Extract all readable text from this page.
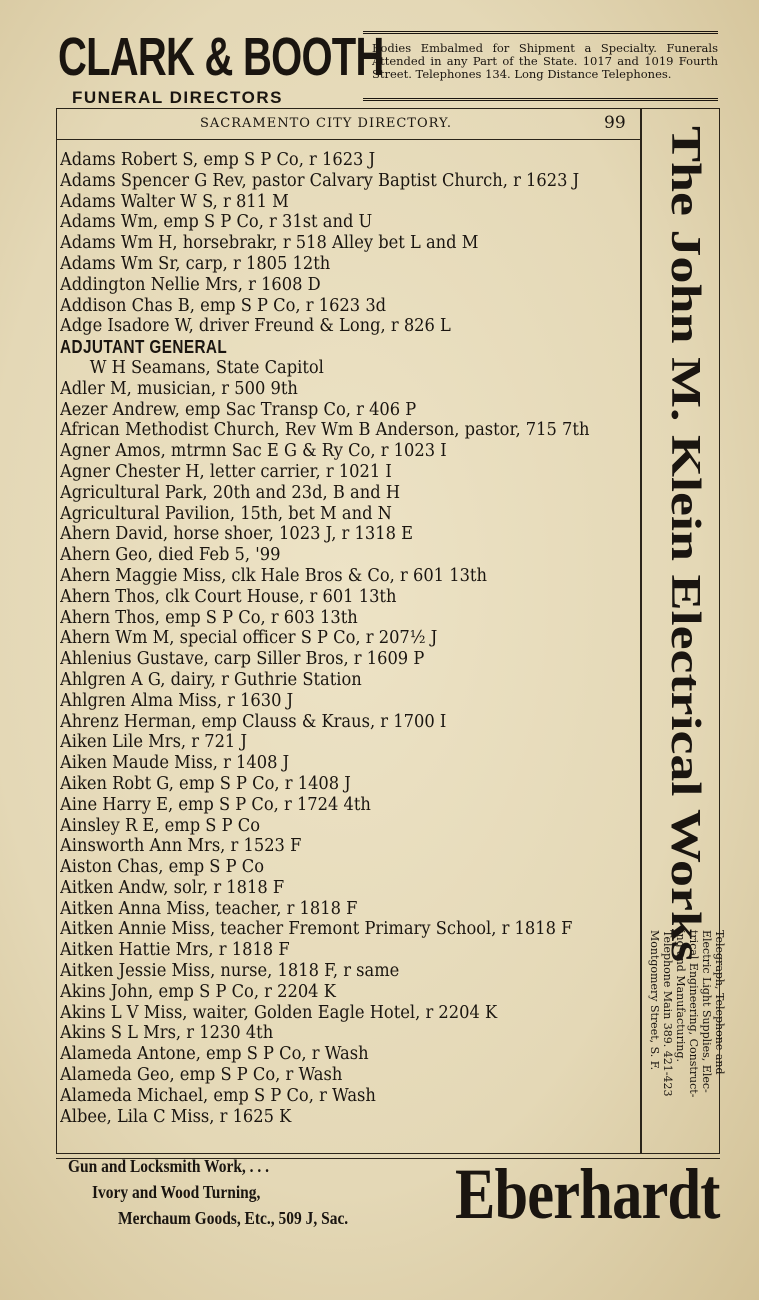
CLARK & BOOTH
FUNERAL DIRECTORS
Bodies Embalmed for Shipment a Specialty. Funerals Attended in any Part of the State. 1017 and 1019 Fourth Street. Telephones 134. Long Distance Telephones.
SACRAMENTO CITY DIRECTORY.	99
Adams Robert S, emp S P Co, r 1623 J
Adams Spencer G Rev, pastor Calvary Baptist Church, r 1623 J
Adams Walter W S, r 811 M
Adams Wm, emp S P Co, r 31st and U
Adams Wm H, horsebrakr, r 518 Alley bet L and M
Adams Wm Sr, carp, r 1805 12th
Addington Nellie Mrs, r 1608 D
Addison Chas B, emp S P Co, r 1623 3d
Adge Isadore W, driver Freund & Long, r 826 L
ADJUTANT GENERAL
W H Seamans, State Capitol
Adler M, musician, r 500 9th
Aezer Andrew, emp Sac Transp Co, r 406 P
African Methodist Church, Rev Wm B Anderson, pastor, 715 7th
Agner Amos, mtrmn Sac E G & Ry Co, r 1023 I
Agner Chester H, letter carrier, r 1021 I
Agricultural Park, 20th and 23d, B and H
Agricultural Pavilion, 15th, bet M and N
Ahern David, horse shoer, 1023 J, r 1318 E
Ahern Geo, died Feb 5, '99
Ahern Maggie Miss, clk Hale Bros & Co, r 601 13th
Ahern Thos, clk Court House, r 601 13th
Ahern Thos, emp S P Co, r 603 13th
Ahern Wm M, special officer S P Co, r 207½ J
Ahlenius Gustave, carp Siller Bros, r 1609 P
Ahlgren A G, dairy, r Guthrie Station
Ahlgren Alma Miss, r 1630 J
Ahrenz Herman, emp Clauss & Kraus, r 1700 I
Aiken Lile Mrs, r 721 J
Aiken Maude Miss, r 1408 J
Aiken Robt G, emp S P Co, r 1408 J
Aine Harry E, emp S P Co, r 1724 4th
Ainsley R E, emp S P Co
Ainsworth Ann Mrs, r 1523 F
Aiston Chas, emp S P Co
Aitken Andw, solr, r 1818 F
Aitken Anna Miss, teacher, r 1818 F
Aitken Annie Miss, teacher Fremont Primary School, r 1818 F
Aitken Hattie Mrs, r 1818 F
Aitken Jessie Miss, nurse, 1818 F, r same
Akins John, emp S P Co, r 2204 K
Akins L V Miss, waiter, Golden Eagle Hotel, r 2204 K
Akins S L Mrs, r 1230 4th
Alameda Antone, emp S P Co, r Wash
Alameda Geo, emp S P Co, r Wash
Alameda Michael, emp S P Co, r Wash
Albee, Lila C Miss, r 1625 K
The John M. Klein Electrical Works
Telegraph, Telephone and
Electric Light Supplies, Elec-
trical Engineering, Construct-
ing and Manufacturing.
Telephone Main 389. 421-423
Montgomery Street, S. F.
Gun and Locksmith Work, . . .
Ivory and Wood Turning,
Merchaum Goods, Etc., 509 J, Sac. Eberhardt
